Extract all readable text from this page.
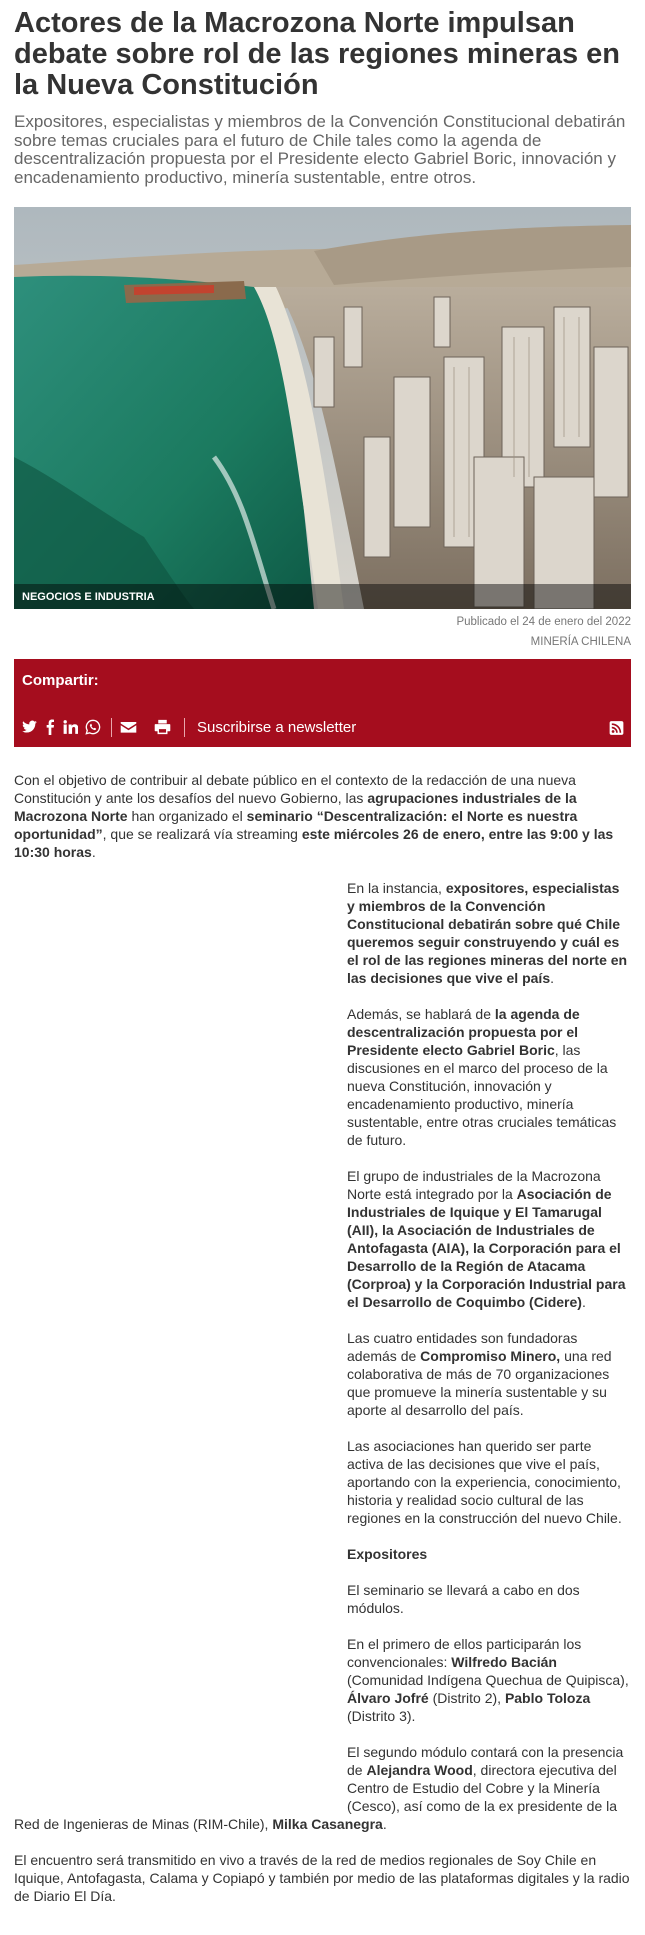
Actores de la Macrozona Norte impulsan debate sobre rol de las regiones mineras en la Nueva Constitución

Expositores, especialistas y miembros de la Convención Constitucional debatirán sobre temas cruciales para el futuro de Chile tales como la agenda de descentralización propuesta por el Presidente electo Gabriel Boric, innovación y encadenamiento productivo, minería sustentable, entre otros.

NEGOCIOS E INDUSTRIA
Publicado el 24 de enero del 2022
MINERÍA CHILENA
Compartir:
Suscribirse a newsletter

Con el objetivo de contribuir al debate público en el contexto de la redacción de una nueva Constitución y ante los desafíos del nuevo Gobierno, las agrupaciones industriales de la Macrozona Norte han organizado el seminario “Descentralización: el Norte es nuestra oportunidad”, que se realizará vía streaming este miércoles 26 de enero, entre las 9:00 y las 10:30 horas.

En la instancia, expositores, especialistas y miembros de la Convención Constitucional debatirán sobre qué Chile queremos seguir construyendo y cuál es el rol de las regiones mineras del norte en las decisiones que vive el país.

Además, se hablará de la agenda de descentralización propuesta por el Presidente electo Gabriel Boric, las discusiones en el marco del proceso de la nueva Constitución, innovación y encadenamiento productivo, minería sustentable, entre otras cruciales temáticas de futuro.

El grupo de industriales de la Macrozona Norte está integrado por la Asociación de Industriales de Iquique y El Tamarugal (AII), la Asociación de Industriales de Antofagasta (AIA), la Corporación para el Desarrollo de la Región de Atacama (Corproa) y la Corporación Industrial para el Desarrollo de Coquimbo (Cidere).

Las cuatro entidades son fundadoras además de Compromiso Minero, una red colaborativa de más de 70 organizaciones que promueve la minería sustentable y su aporte al desarrollo del país.

Las asociaciones han querido ser parte activa de las decisiones que vive el país, aportando con la experiencia, conocimiento, historia y realidad socio cultural de las regiones en la construcción del nuevo Chile.

Expositores

El seminario se llevará a cabo en dos módulos.

En el primero de ellos participarán los convencionales: Wilfredo Bacián (Comunidad Indígena Quechua de Quipisca), Álvaro Jofré (Distrito 2), Pablo Toloza (Distrito 3).

El segundo módulo contará con la presencia de Alejandra Wood, directora ejecutiva del Centro de Estudio del Cobre y la Minería (Cesco), así como de la ex presidente de la

Red de Ingenieras de Minas (RIM-Chile), Milka Casanegra.

El encuentro será transmitido en vivo a través de la red de medios regionales de Soy Chile en Iquique, Antofagasta, Calama y Copiapó y también por medio de las plataformas digitales y la radio de Diario El Día.
